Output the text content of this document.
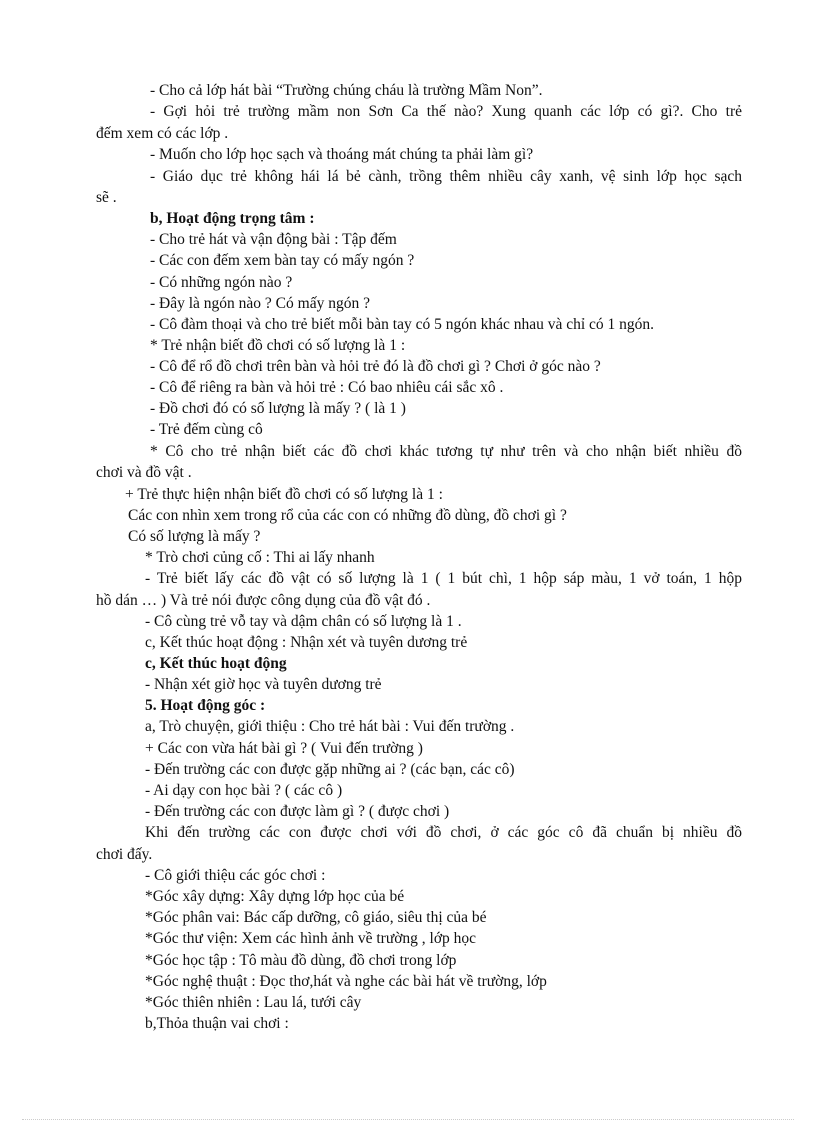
- Cho cả lớp hát bài “Trường chúng cháu là trường Mầm Non”.
- Gợi hỏi trẻ trường mầm non Sơn Ca thế nào? Xung quanh các lớp có gì?. Cho trẻ
đếm xem có các lớp .
- Muốn cho lớp học sạch và thoáng mát chúng ta phải làm gì?
- Giáo dục trẻ không hái lá bẻ cành, trồng thêm nhiều cây xanh, vệ sinh lớp học sạch
sẽ .
b, Hoạt động trọng tâm :
- Cho trẻ hát và vận động bài : Tập đếm
- Các con đếm xem bàn tay có mấy ngón ?
- Có những ngón nào ?
- Đây là ngón nào ? Có mấy ngón ?
- Cô đàm thoại và cho trẻ biết mỗi bàn tay có 5 ngón khác nhau và chỉ có 1 ngón.
* Trẻ nhận biết đồ chơi có số lượng là 1 :
- Cô để rổ đồ chơi trên bàn và hỏi trẻ đó là đồ chơi gì ? Chơi ở góc nào ?
- Cô để riêng ra bàn và hỏi trẻ : Có bao nhiêu cái sắc xô .
- Đồ chơi đó có số lượng là mấy ? ( là 1 )
- Trẻ đếm cùng cô
* Cô cho trẻ nhận biết các đồ chơi khác tương tự như trên và cho nhận biết nhiều đồ
chơi và đồ vật .
+ Trẻ thực hiện nhận biết đồ chơi có số lượng là 1 :
Các con nhìn xem trong rổ của các con có những đồ dùng, đồ chơi gì ?
Có số lượng là mấy ?
* Trò chơi củng cố : Thi ai lấy nhanh
- Trẻ biết lấy các đồ vật có số lượng là 1 ( 1 bút chì, 1 hộp sáp màu, 1 vở toán, 1 hộp
hồ dán … ) Và trẻ nói được công dụng của đồ vật đó .
- Cô cùng trẻ vỗ tay và dậm chân có số lượng là 1 .
c, Kết thúc hoạt động : Nhận xét và tuyên dương trẻ
c, Kết thúc hoạt động
- Nhận xét giờ học và tuyên dương trẻ
5. Hoạt động góc :
a, Trò chuyện, giới thiệu : Cho trẻ hát bài : Vui đến trường .
+ Các con vừa hát bài gì ? ( Vui đến trường )
- Đến trường các con được gặp những ai ? (các bạn, các cô)
- Ai dạy con học bài ? ( các cô )
- Đến trường các con được làm gì ? ( được chơi )
Khi đến trường các con được chơi với đồ chơi, ở các góc cô đã chuẩn bị nhiều đồ
chơi đấy.
- Cô giới thiệu các góc chơi :
*Góc xây dựng: Xây dựng lớp học của bé
*Góc phân vai: Bác cấp dưỡng, cô giáo, siêu thị của bé
*Góc thư viện: Xem các hình ảnh về trường , lớp học
*Góc học tập : Tô màu đồ dùng, đồ chơi trong lớp
*Góc nghệ thuật : Đọc thơ,hát và nghe các bài hát về trường, lớp
*Góc thiên nhiên : Lau lá, tưới cây
b,Thỏa thuận vai chơi :
